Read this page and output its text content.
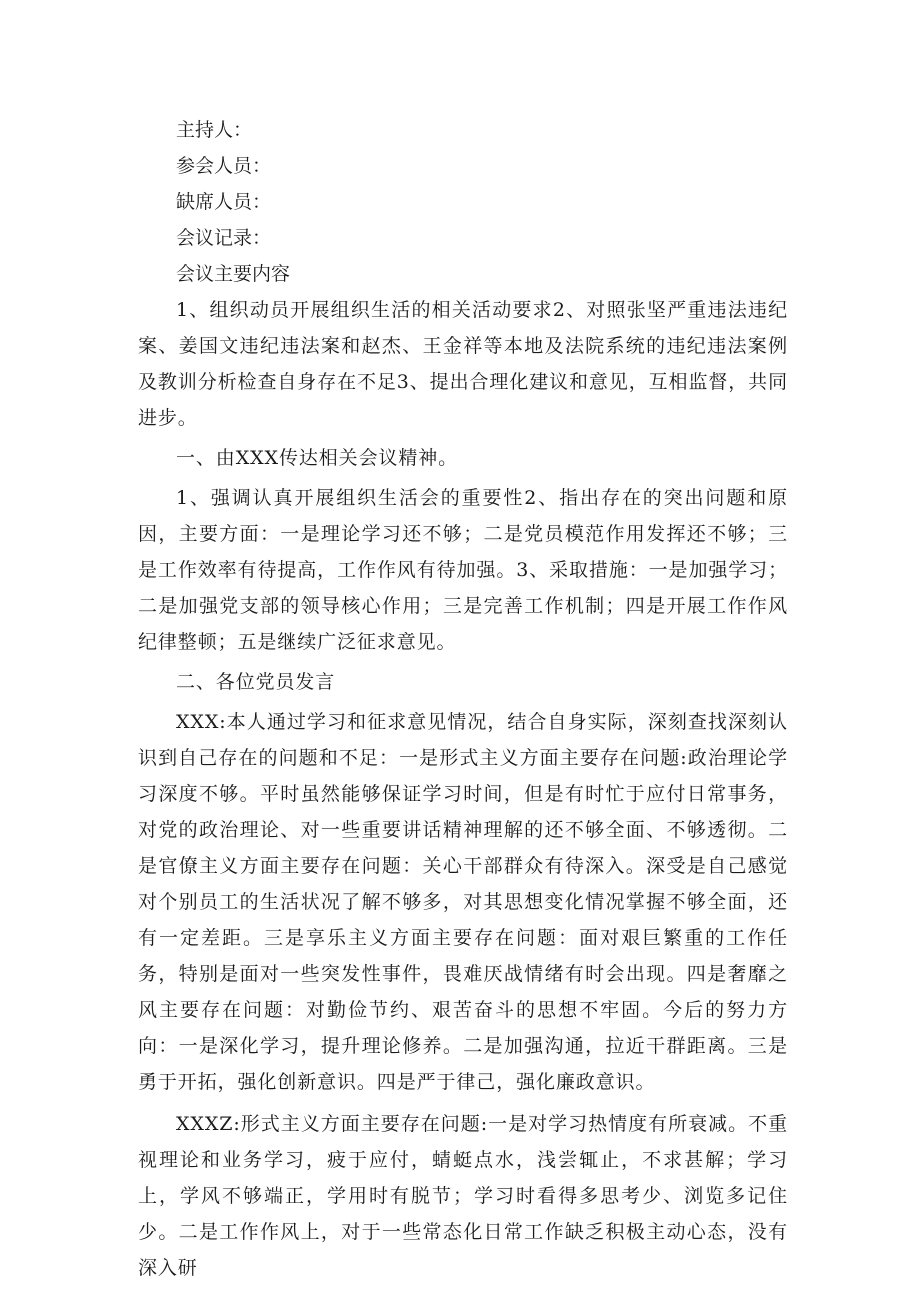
主持人：

参会人员：

缺席人员：

会议记录：

会议主要内容

1、组织动员开展组织生活的相关活动要求2、对照张坚严重违法违纪案、姜国文违纪违法案和赵杰、王金祥等本地及法院系统的违纪违法案例及教训分析检查自身存在不足3、提出合理化建议和意见，互相监督，共同进步。

一、由XXX传达相关会议精神。

1、强调认真开展组织生活会的重要性2、指出存在的突出问题和原因，主要方面：一是理论学习还不够；二是党员模范作用发挥还不够；三是工作效率有待提高，工作作风有待加强。3、采取措施：一是加强学习；二是加强党支部的领导核心作用；三是完善工作机制；四是开展工作作风纪律整顿；五是继续广泛征求意见。

二、各位党员发言

XXX:本人通过学习和征求意见情况，结合自身实际，深刻查找深刻认识到自己存在的问题和不足：一是形式主义方面主要存在问题:政治理论学习深度不够。平时虽然能够保证学习时间，但是有时忙于应付日常事务，对党的政治理论、对一些重要讲话精神理解的还不够全面、不够透彻。二是官僚主义方面主要存在问题：关心干部群众有待深入。深受是自己感觉对个别员工的生活状况了解不够多，对其思想变化情况掌握不够全面，还有一定差距。三是享乐主义方面主要存在问题：面对艰巨繁重的工作任务，特别是面对一些突发性事件，畏难厌战情绪有时会出现。四是奢靡之风主要存在问题：对勤俭节约、艰苦奋斗的思想不牢固。今后的努力方向：一是深化学习，提升理论修养。二是加强沟通，拉近干群距离。三是勇于开拓，强化创新意识。四是严于律己，强化廉政意识。

XXXZ:形式主义方面主要存在问题:一是对学习热情度有所衰减。不重视理论和业务学习，疲于应付，蜻蜓点水，浅尝辄止，不求甚解；学习上，学风不够端正，学用时有脱节；学习时看得多思考少、浏览多记住少。二是工作作风上，对于一些常态化日常工作缺乏积极主动心态，没有深入研
